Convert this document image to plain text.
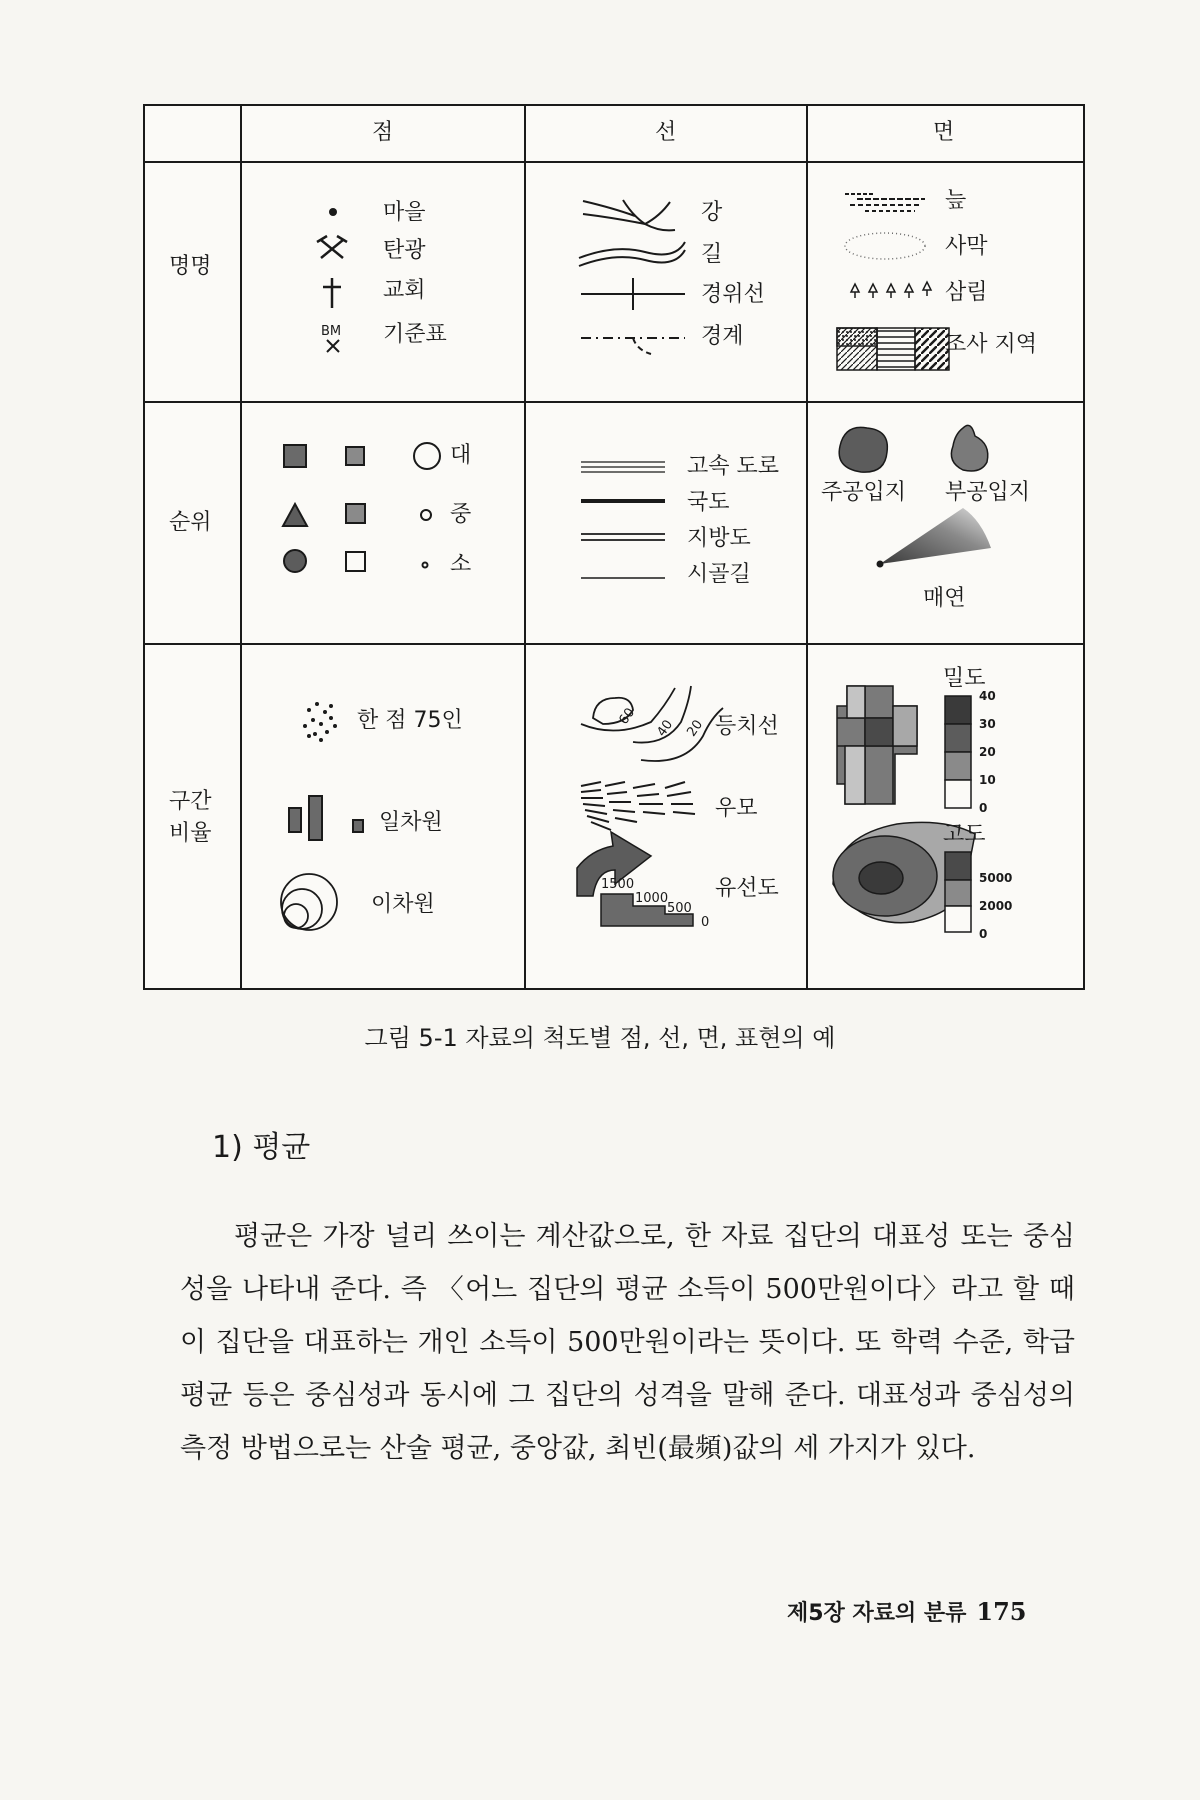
점	선	면
명명
순위
구간
비율
마을
탄광
교회
BM 기준표
강
길
경위선
경계
늪
사막
삼림
조사 지역
대
중
소
고속 도로
국도
지방도
시골길
주공입지 부공입지
매연
한 점 75인
일차원
이차원
60
40 20 등치선
우모
유선도
1500
1000
500
0
밀도
40
30
20
10
0
고도
5000
2000
0
그림 5-1 자료의 척도별 점, 선, 면, 표현의 예
1) 평균
평균은 가장 널리 쓰이는 계산값으로, 한 자료 집단의 대표성 또는 중심성을 나타내 준다. 즉 〈어느 집단의 평균 소득이 500만원이다〉라고 할 때 이 집단을 대표하는 개인 소득이 500만원이라는 뜻이다. 또 학력 수준, 학급 평균 등은 중심성과 동시에 그 집단의 성격을 말해 준다. 대표성과 중심성의 측정 방법으로는 산술 평균, 중앙값, 최빈(最頻)값의 세 가지가 있다.
제5장 자료의 분류 175
